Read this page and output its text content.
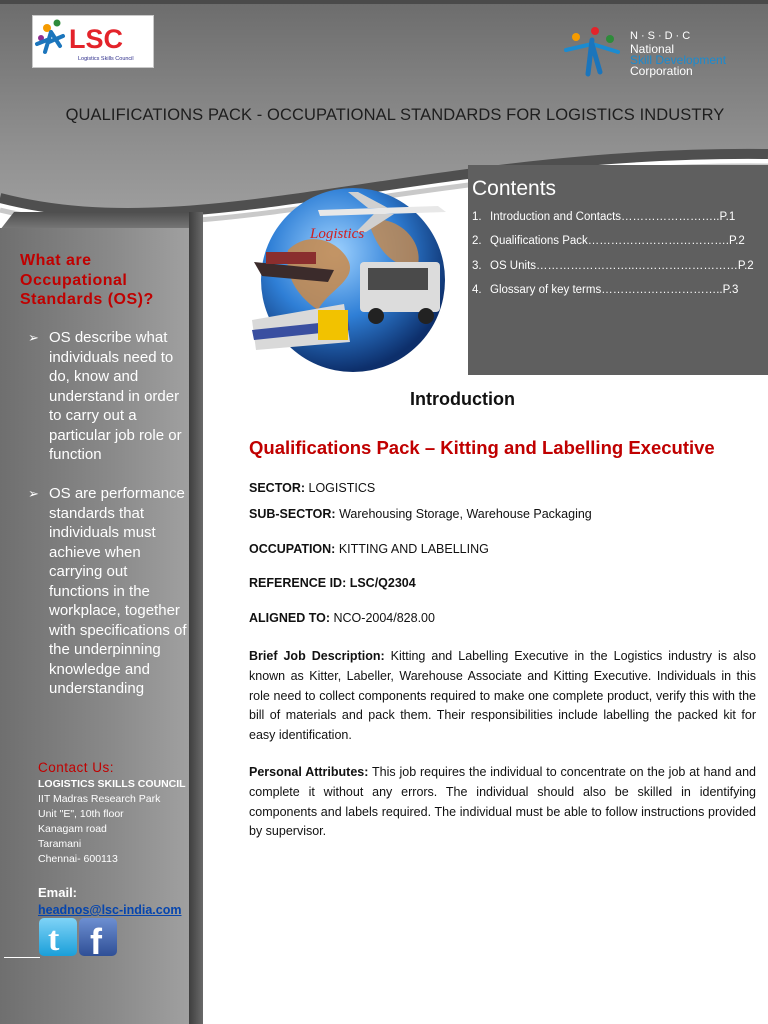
LSC
Logistics Skills Council
N·S·D·C
National
Skill Development
Corporation
QUALIFICATIONS PACK - OCCUPATIONAL STANDARDS FOR LOGISTICS INDUSTRY
What are Occupational Standards (OS)?
➢ OS describe what individuals need to do, know and understand in order to carry out a particular job role or function
➢ OS are performance standards that individuals must achieve when carrying out functions in the workplace, together with specifications of the underpinning knowledge and understanding
Contact Us:
LOGISTICS SKILLS COUNCIL
IIT Madras Research Park
Unit "E", 10th floor
Kanagam road
Taramani
Chennai- 600113
Email:
headnos@lsc-india.com
t f
Logistics
Contents
1. Introduction and Contacts……………………..P.1
2. Qualifications Pack……………………………….P.2
3. OS Units……………………..………………………P.2
4. Glossary of key terms…………………………..P.3
Introduction
Qualifications Pack – Kitting and Labelling Executive
SECTOR: LOGISTICS
SUB-SECTOR: Warehousing Storage, Warehouse Packaging
OCCUPATION: KITTING AND LABELLING
REFERENCE ID: LSC/Q2304
ALIGNED TO: NCO-2004/828.00
Brief Job Description: Kitting and Labelling Executive in the Logistics industry is also known as Kitter, Labeller, Warehouse Associate and Kitting Executive. Individuals in this role need to collect components required to make one complete product, verify this with the bill of materials and pack them. Their responsibilities include labelling the packed kit for easy identification.
Personal Attributes: This job requires the individual to concentrate on the job at hand and complete it without any errors. The individual should also be skilled in identifying components and labels required. The individual must be able to follow instructions provided by supervisor.
